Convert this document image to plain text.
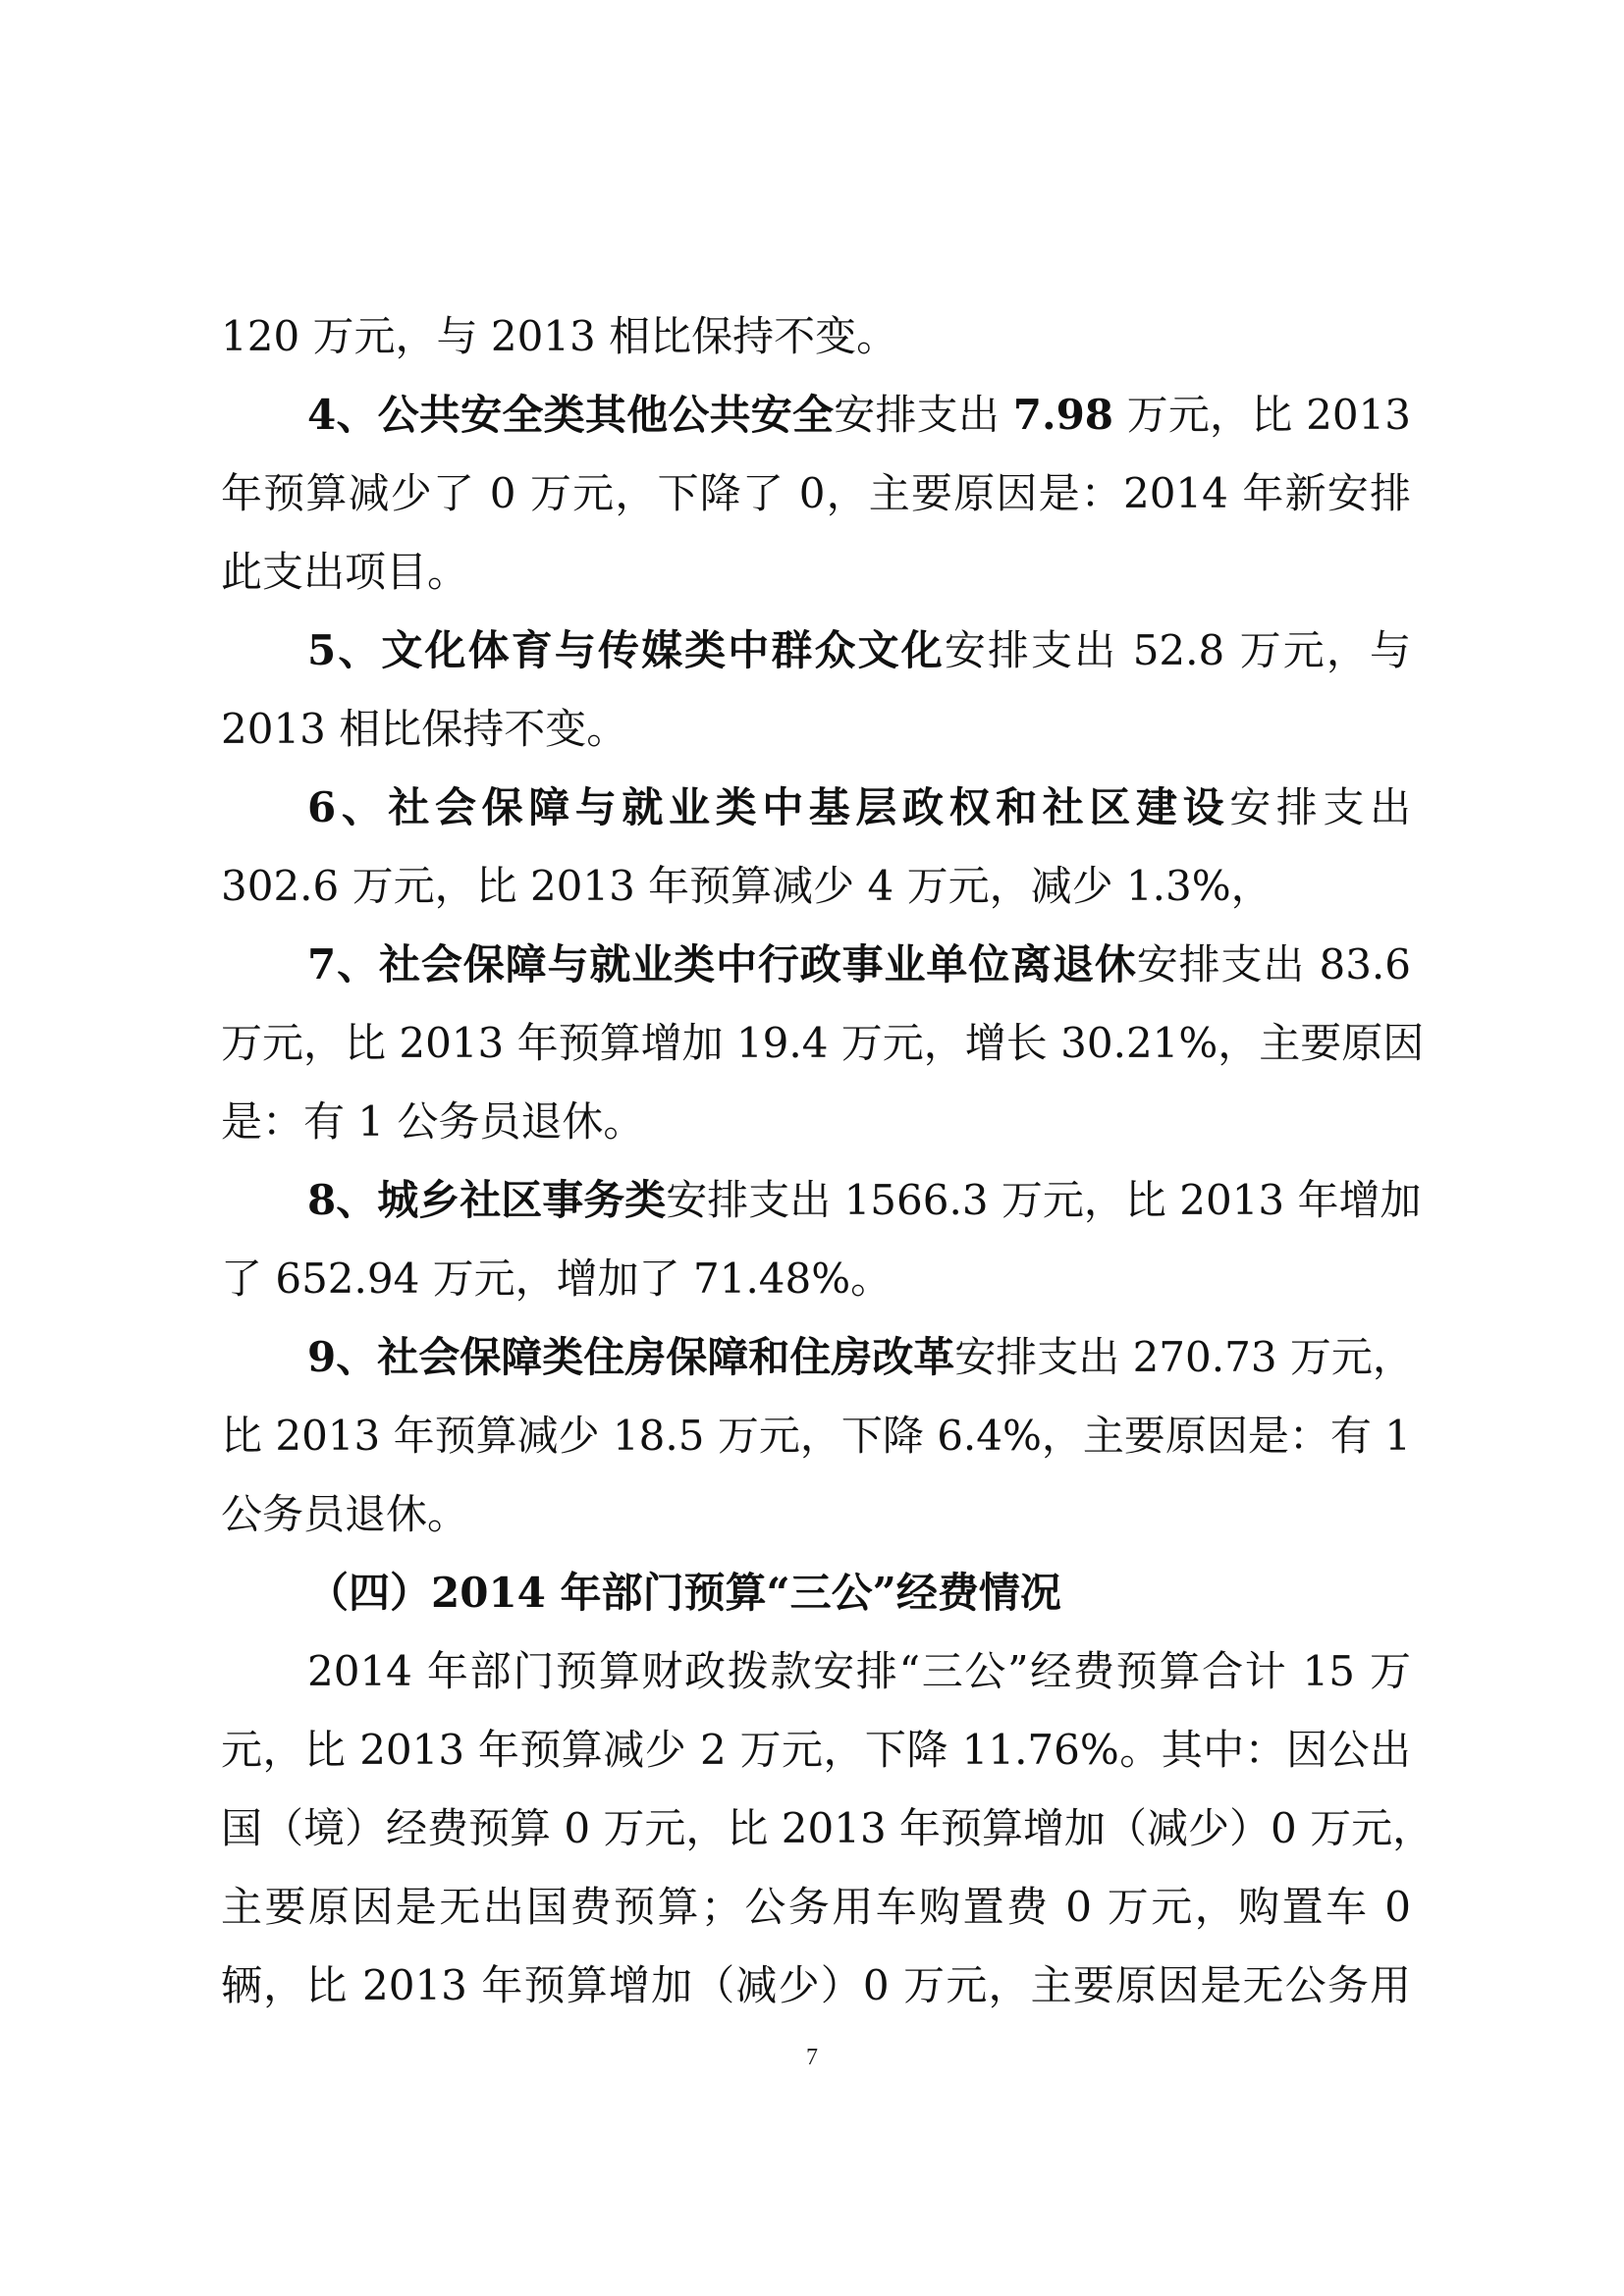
120 万元，与 2013 相比保持不变。
4、公共安全类其他公共安全安排支出 7.98 万元，比 2013
年预算减少了 0 万元，下降了 0，主要原因是：2014 年新安排
此支出项目。
5、文化体育与传媒类中群众文化安排支出 52.8 万元，与
2013 相比保持不变。
6、社会保障与就业类中基层政权和社区建设安排支出
302.6 万元，比 2013 年预算减少 4 万元，减少 1.3%，
7、社会保障与就业类中行政事业单位离退休安排支出 83.6
万元，比 2013 年预算增加 19.4 万元，增长 30.21%，主要原因
是：有 1 公务员退休。
8、城乡社区事务类安排支出 1566.3 万元，比 2013 年增加
了 652.94 万元，增加了 71.48%。
9、社会保障类住房保障和住房改革安排支出 270.73 万元，
比 2013 年预算减少 18.5 万元，下降 6.4%，主要原因是：有 1
公务员退休。
（四）2014 年部门预算“三公”经费情况
2014 年部门预算财政拨款安排“三公”经费预算合计 15 万
元，比 2013 年预算减少 2 万元，下降 11.76%。其中：因公出
国（境）经费预算 0 万元，比 2013 年预算增加（减少）0 万元，
主要原因是无出国费预算；公务用车购置费 0 万元，购置车 0
辆，比 2013 年预算增加（减少）0 万元，主要原因是无公务用
7
